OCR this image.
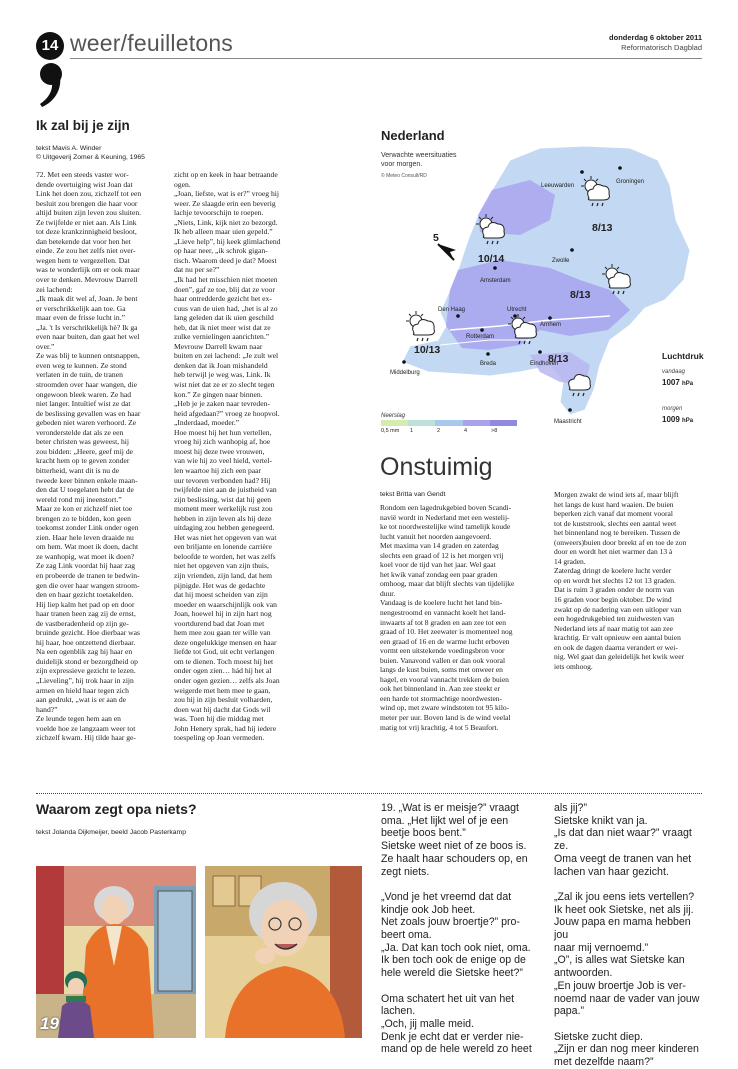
14 weer/feuilletons	donderdag 6 oktober 2011
Reformatorisch Dagblad
Ik zal bij je zijn
tekst Mavis A. Winder
© Uitgeverij Zomer & Keuning, 1965

72. Met een steeds vaster wor-
dende overtuiging wist Joan dat
Link het doen zou, zichzelf tot een
besluit zou brengen die haar voor
altijd buiten zijn leven zou sluiten.
Ze twijfelde er niet aan. Als Link
tot deze krankzinnigheid besloot,
dan betekende dat voor hen het
einde. Ze zou het zelfs niet over-
wegen hem te vergezellen. Dat
was te wonderlijk om er ook maar
over te denken. Mevrouw Darrell
zei lachend:
„Ik maak dit wel af, Joan. Je bent
er verschrikkelijk aan toe. Ga
maar even de frisse lucht in.”
„Ja. 't Is verschrikkelijk hè? Ik ga
even naar buiten, dan gaat het wel
over.”
Ze was blij te kunnen ontsnappen,
even weg te kunnen. Ze stond
verlaten in de tuin, de tranen
stroomden over haar wangen, die
ongewoon bleek waren. Ze had
niet langer. Intuïtief wist ze dat
de beslissing gevallen was en haar
gebeden niet waren verhoord. Ze
veronderstelde dat als ze een
beter christen was geweest, hij
zou bidden: „Heere, geef mij de
kracht hem op te geven zonder
bitterheid, want dit is nu de
tweede keer binnen enkele maan-
den dat U toegelaten hebt dat de
wereld rond mij ineenstort.”
Maar ze kon er zichzelf niet toe
brengen zo te bidden, kon geen
toekomst zonder Link onder ogen
zien. Haar hele leven draaide nu
om hem. Wat moet ik doen, dacht
ze wanhopig, wat moet ik doen?
Ze zag Link voordat hij haar zag
en probeerde de tranen te bedwin-
gen die over haar wangen stroom-
den en haar gezicht toetakelden.
Hij liep kalm het pad op en door
haar tranen heen zag zij de ernst,
de vastberadenheid op zijn ge-
bruinde gezicht. Hoe dierbaar was
hij haar, hoe ontzettend dierbaar.
Na een ogenblik zag hij haar en
duidelijk stond er bezorgdheid op
zijn expressieve gezicht te lezen.
„Lieveling”, hij trok haar in zijn
armen en hield haar tegen zich
aan gedrukt, „wat is er aan de
hand?”
Ze leunde tegen hem aan en
voelde hoe ze langzaam weer tot
zichzelf kwam. Hij tilde haar ge-

zicht op en keek in haar betraande
ogen.
„Joan, liefste, wat is er?” vroeg hij
weer. Ze slaagde erin een beverig
lachje tevoorschijn te roepen.
„Niets, Link, kijk niet zo bezorgd.
Ik heb alleen maar uien gepeld.”
„Lieve help”, hij keek glimlachend
op haar neer, „ik schrok gigan-
tisch. Waarom deed je dat? Moest
dat nu per se?”
„Ik had het misschien niet moeten
doen”, gaf ze toe, blij dat ze voor
haar ontredderde gezicht het ex-
cuus van de uien had, „het is al zo
lang geleden dat ik uien geschild
heb, dat ik niet meer wist dat ze
zulke vernielingen aanrichten.”
Mevrouw Darrell kwam naar
buiten en zei lachend: „Je zult wel
denken dat ik Joan mishandeld
heb terwijl je weg was, Link. Ik
wist niet dat ze er zo slecht tegen
kon.” Ze gingen naar binnen.
„Heb je je zaken naar tevreden-
heid afgedaan?” vroeg ze hoopvol.
„Inderdaad, moeder.”
Hoe moest hij het hun vertellen,
vroeg hij zich wanhopig af, hoe
moest hij deze twee vrouwen,
van wie hij zo veel hield, vertel-
len waartoe hij zich een paar
uur tevoren verbonden had? Hij
twijfelde niet aan de juistheid van
zijn beslissing, wist dat hij geen
moment meer werkelijk rust zou
hebben in zijn leven als hij deze
uitdaging zou hebben genegeerd.
Het was niet het opgeven van wat
een briljante en lonende carrière
beloofde te worden, het was zelfs
niet het opgeven van zijn thuis,
zijn vrienden, zijn land, dat hem
pijnigde. Het was de gedachte
dat hij moest scheiden van zijn
moeder en waarschijnlijk ook van
Joan, hoewel hij in zijn hart nog
voortdurend bad dat Joan met
hem mee zou gaan ter wille van
deze ongelukkige mensen en haar
liefde tot God, uit echt verlangen
om te dienen. Toch moest hij het
onder ogen zien… hád hij het al
onder ogen gezien… zelfs als Joan
weigerde met hem mee te gaan,
zou hij in zijn besluit volharden,
doen wat hij dacht dat Gods wil
was. Toen hij die middag met
John Henery sprak, had hij iedere
toespeling op Joan vermeden.

Nederland
Verwachte weersituaties
voor morgen.
© Meteo Consult/RD
5
Leeuwarden
Groningen
Zwolle
Amsterdam
Den Haag	Utrecht
Rotterdam
Arnhem
Breda	Eindhoven
Middelburg
Maastricht
8/13
10/14
8/13
10/13
8/13
Neerslag
0,5 mm 1	2	4	>8
Luchtdruk
vandaag
1007 hPa
morgen
1009 hPa
Onstuimig
tekst Britta van Gendt

Rondom een lagedrukgebied boven Scandi-
navië wordt in Nederland met een westelij-
ke tot noordwestelijke wind tamelijk koude
lucht vanuit het noorden aangevoerd.
Met maxima van 14 graden en zaterdag
slechts een graad of 12 is het morgen vrij
koel voor de tijd van het jaar. Wel gaat
het kwik vanaf zondag een paar graden
omhoog, maar dat blijft slechts van tijdelijke
duur.
Vandaag is de koelere lucht het land bin-
nengestroomd en vannacht koelt het land-
inwaarts af tot 8 graden en aan zee tot een
graad of 10. Het zeewater is momenteel nog
een graad of 16 en de warme lucht erboven
vormt een uitstekende voedingsbron voor
buien. Vanavond vallen er dan ook vooral
langs de kust buien, soms met onweer en
hagel, en vooral vannacht trekken de buien
ook het binnenland in. Aan zee steekt er
een harde tot stormachtige noordwesten-
wind op, met zware windstoten tot 95 kilo-
meter per uur. Boven land is de wind veelal
matig tot vrij krachtig, 4 tot 5 Beaufort.

Morgen zwakt de wind iets af, maar blijft
het langs de kust hard waaien. De buien
beperken zich vanaf dat moment vooral
tot de kuststrook, slechts een aantal weet
het binnenland nog te bereiken. Tussen de
(onweers)buien door breekt af en toe de zon
door en wordt het niet warmer dan 13 à
14 graden.
Zaterdag dringt de koelere lucht verder
op en wordt het slechts 12 tot 13 graden.
Dat is ruim 3 graden onder de norm van
16 graden voor begin oktober. De wind
zwakt op de nadering van een uitloper van
een hogedrukgebied ten zuidwesten van
Nederland iets af naar matig tot aan zee
krachtig. Er valt opnieuw een aantal buien
en ook de dagen daarna verandert er wei-
nig. Wel gaat dan geleidelijk het kwik weer
iets omhoog.

Waarom zegt opa niets?
tekst Jolanda Dijkmeijer, beeld Jacob Pasterkamp
19

19. „Wat is er meisje?” vraagt
oma. „Het lijkt wel of je een
beetje boos bent.”
Sietske weet niet of ze boos is.
Ze haalt haar schouders op, en
zegt niets.

„Vond je het vreemd dat dat
kindje ook Job heet.
Net zoals jouw broertje?” pro-
beert oma.
„Ja. Dat kan toch ook niet, oma.
Ik ben toch ook de enige op de
hele wereld die Sietske heet?”

Oma schatert het uit van het
lachen.
„Och, jij malle meid.
Denk je echt dat er verder nie-
mand op de hele wereld zo heet

als jij?”
Sietske knikt van ja.
„Is dat dan niet waar?” vraagt
ze.
Oma veegt de tranen van het
lachen van haar gezicht.

„Zal ik jou eens iets vertellen?
Ik heet ook Sietske, net als jij.
Jouw papa en mama hebben jou
naar mij vernoemd.”
„O”, is alles wat Sietske kan
antwoorden.
„En jouw broertje Job is ver-
noemd naar de vader van jouw
papa.”

Sietske zucht diep.
„Zijn er dan nog meer kinderen
met dezelfde naam?”
